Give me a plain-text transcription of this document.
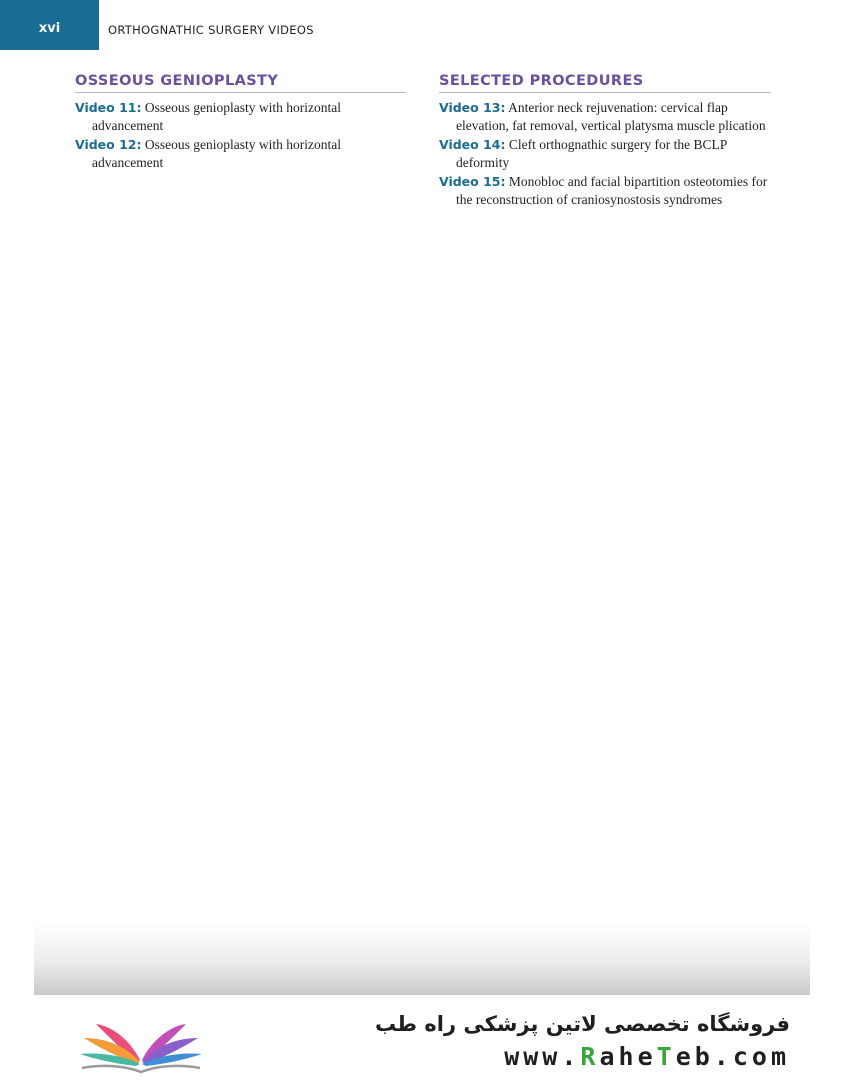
xvi	ORTHOGNATHIC SURGERY VIDEOS
OSSEOUS GENIOPLASTY
Video 11: Osseous genioplasty with horizontal advancement
Video 12: Osseous genioplasty with horizontal advancement
SELECTED PROCEDURES
Video 13: Anterior neck rejuvenation: cervical flap elevation, fat removal, vertical platysma muscle plication
Video 14: Cleft orthognathic surgery for the BCLP deformity
Video 15: Monobloc and facial bipartition osteotomies for the reconstruction of craniosynostosis syndromes
فروشگاه تخصصی لاتین پزشکی راه طب
www.RaheTeb.com
